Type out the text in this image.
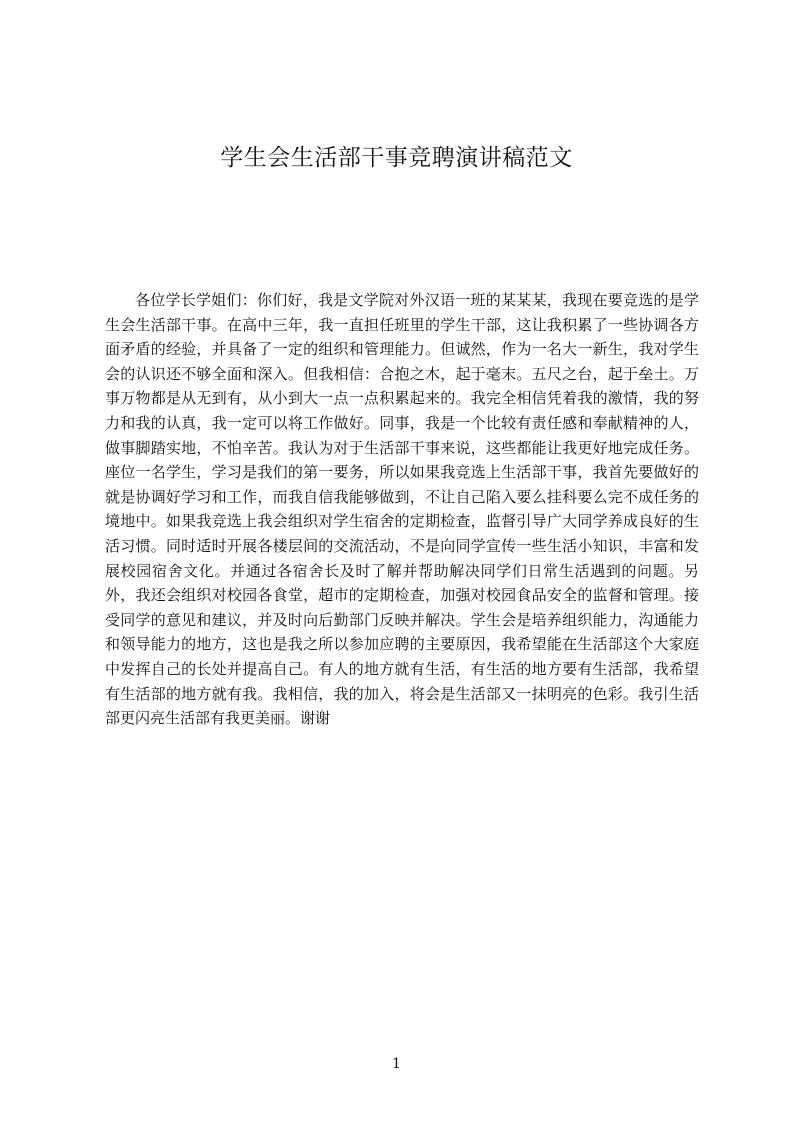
学生会生活部干事竞聘演讲稿范文

各位学长学姐们：你们好，我是文学院对外汉语一班的某某某，我现在要竞选的是学生会生活部干事。在高中三年，我一直担任班里的学生干部，这让我积累了一些协调各方面矛盾的经验，并具备了一定的组织和管理能力。但诚然，作为一名大一新生，我对学生会的认识还不够全面和深入。但我相信：合抱之木，起于毫末。五尺之台，起于垒土。万事万物都是从无到有，从小到大一点一点积累起来的。我完全相信凭着我的激情，我的努力和我的认真，我一定可以将工作做好。同事，我是一个比较有责任感和奉献精神的人，做事脚踏实地，不怕辛苦。我认为对于生活部干事来说，这些都能让我更好地完成任务。座位一名学生，学习是我们的第一要务，所以如果我竞选上生活部干事，我首先要做好的就是协调好学习和工作，而我自信我能够做到，不让自己陷入要么挂科要么完不成任务的境地中。如果我竞选上我会组织对学生宿舍的定期检查，监督引导广大同学养成良好的生活习惯。同时适时开展各楼层间的交流活动，不是向同学宣传一些生活小知识，丰富和发展校园宿舍文化。并通过各宿舍长及时了解并帮助解决同学们日常生活遇到的问题。另外，我还会组织对校园各食堂，超市的定期检查，加强对校园食品安全的监督和管理。接受同学的意见和建议，并及时向后勤部门反映并解决。学生会是培养组织能力，沟通能力和领导能力的地方，这也是我之所以参加应聘的主要原因，我希望能在生活部这个大家庭中发挥自己的长处并提高自己。有人的地方就有生活，有生活的地方要有生活部，我希望有生活部的地方就有我。我相信，我的加入，将会是生活部又一抹明亮的色彩。我引生活部更闪亮生活部有我更美丽。谢谢

1
